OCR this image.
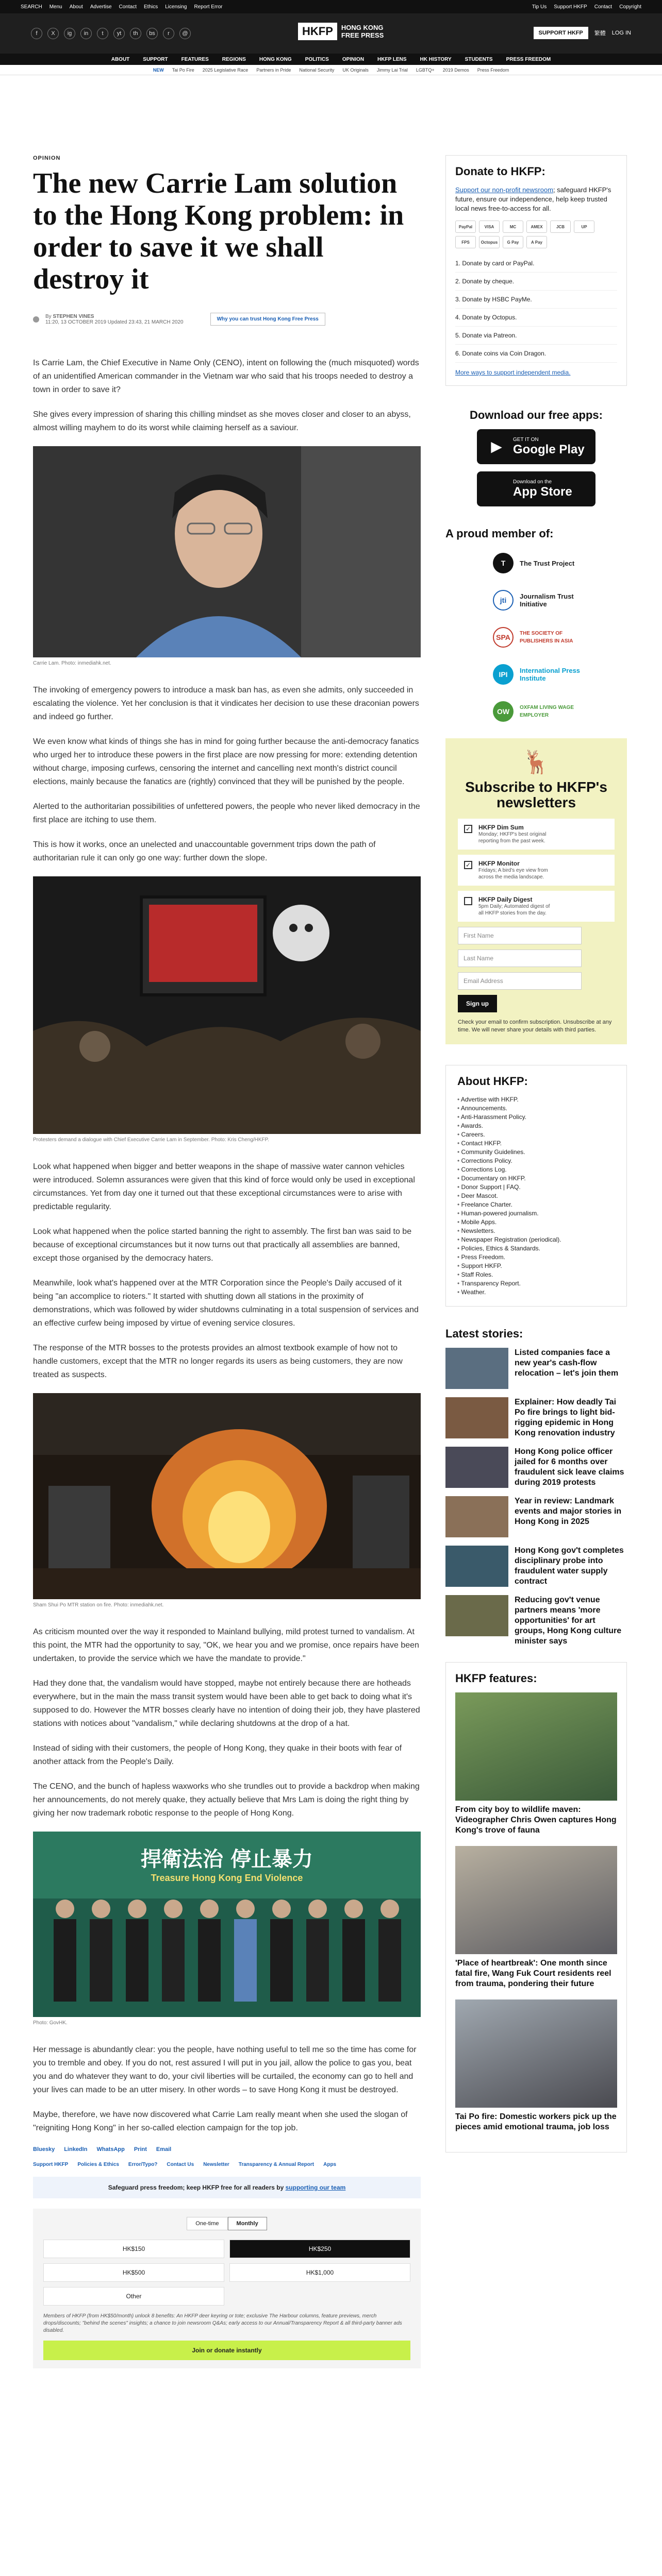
SEARCH Menu About Advertise Contact Ethics Licensing Report Error	Tip Us Support HKFP Contact Copyright
f	X	ig	in	t	yt	th	bs	r	@	HKFP	HONG KONG
FREE PRESS	SUPPORT HKFP	繁體 LOG IN
ABOUT	SUPPORT	FEATURES	REGIONS	HONG KONG	POLITICS	OPINION	HKFP LENS	HK HISTORY	STUDENTS	PRESS FREEDOM
NEW Tai Po Fire 2025 Legislative Race Partners in Pride National Security UK Originals Jimmy Lai Trial LGBTQ+ 2019 Demos Press Freedom
OPINION
The new Carrie Lam solution to the Hong Kong problem: in order to save it we shall destroy it
By STEPHEN VINES
11:20, 13 OCTOBER 2019 Updated 23:43, 21 MARCH 2020	Why you can trust Hong Kong Free Press

Is Carrie Lam, the Chief Executive in Name Only (CENO), intent on following the (much misquoted) words of an unidentified American commander in the Vietnam war who said that his troops needed to destroy a town in order to save it?

She gives every impression of sharing this chilling mindset as she moves closer and closer to an abyss, almost willing mayhem to do its worst while claiming herself as a saviour.

Carrie Lam. Photo: inmediahk.net.

The invoking of emergency powers to introduce a mask ban has, as even she admits, only succeeded in escalating the violence. Yet her conclusion is that it vindicates her decision to use these draconian powers and indeed go further.

We even know what kinds of things she has in mind for going further because the anti-democracy fanatics who urged her to introduce these powers in the first place are now pressing for more: extending detention without charge, imposing curfews, censoring the internet and cancelling next month's district council elections, mainly because the fanatics are (rightly) convinced that they will be punished by the people.

Alerted to the authoritarian possibilities of unfettered powers, the people who never liked democracy in the first place are itching to use them.

This is how it works, once an unelected and unaccountable government trips down the path of authoritarian rule it can only go one way: further down the slope.

Protesters demand a dialogue with Chief Executive Carrie Lam in September. Photo: Kris Cheng/HKFP.

Look what happened when bigger and better weapons in the shape of massive water cannon vehicles were introduced. Solemn assurances were given that this kind of force would only be used in exceptional circumstances. Yet from day one it turned out that these exceptional circumstances were to arise with predictable regularity.

Look what happened when the police started banning the right to assembly. The first ban was said to be because of exceptional circumstances but it now turns out that practically all assemblies are banned, except those organised by the democracy haters.

Meanwhile, look what's happened over at the MTR Corporation since the People's Daily accused of it being "an accomplice to rioters." It started with shutting down all stations in the proximity of demonstrations, which was followed by wider shutdowns culminating in a total suspension of services and an effective curfew being imposed by virtue of evening service closures.

The response of the MTR bosses to the protests provides an almost textbook example of how not to handle customers, except that the MTR no longer regards its users as being customers, they are now treated as suspects.

Sham Shui Po MTR station on fire. Photo: inmediahk.net.

As criticism mounted over the way it responded to Mainland bullying, mild protest turned to vandalism. At this point, the MTR had the opportunity to say, "OK, we hear you and we promise, once repairs have been undertaken, to provide the service which we have the mandate to provide."

Had they done that, the vandalism would have stopped, maybe not entirely because there are hotheads everywhere, but in the main the mass transit system would have been able to get back to doing what it's supposed to do. However the MTR bosses clearly have no intention of doing their job, they have plastered stations with notices about "vandalism," while declaring shutdowns at the drop of a hat.

Instead of siding with their customers, the people of Hong Kong, they quake in their boots with fear of another attack from the People's Daily.

The CENO, and the bunch of hapless waxworks who she trundles out to provide a backdrop when making her announcements, do not merely quake, they actually believe that Mrs Lam is doing the right thing by giving her now trademark robotic response to the people of Hong Kong.

捍衛法治 停止暴力
Treasure Hong Kong End Violence
Photo: GovHK.

Her message is abundantly clear: you the people, have nothing useful to tell me so the time has come for you to tremble and obey. If you do not, rest assured I will put in you jail, allow the police to gas you, beat you and do whatever they want to do, your civil liberties will be curtailed, the economy can go to hell and your lives can made to be an utter misery. In other words – to save Hong Kong it must be destroyed.

Maybe, therefore, we have now discovered what Carrie Lam really meant when she used the slogan of "reigniting Hong Kong" in her so-called election campaign for the top job.

Bluesky LinkedIn WhatsApp Print Email
Support HKFP Policies & Ethics Error/Typo? Contact Us Newsletter Transparency & Annual Report Apps
Safeguard press freedom; keep HKFP free for all readers by supporting our team
One-time	Monthly
HK$150	HK$250
HK$500	HK$1,000
Other
Members of HKFP (from HK$50/month) unlock 8 benefits: An HKFP deer keyring or tote; exclusive The Harbour columns, feature previews, merch drops/discounts; "behind the scenes" insights; a chance to join newsroom Q&As; early access to our Annual/Transparency Report & all third-party banner ads disabled.
Join or donate instantly
Donate to HKFP:

Support our non-profit newsroom; safeguard HKFP's future, ensure our independence, help keep trusted local news free-to-access for all.

PayPal	VISA	MC	AMEX	JCB	UP
FPS	Octopus	G Pay	A Pay
1. Donate by card or PayPal.
2. Donate by cheque.
3. Donate by HSBC PayMe.
4. Donate by Octopus.
5. Donate via Patreon.
6. Donate coins via Coin Dragon.
More ways to support independent media.
Download our free apps:
▶	GET IT ON
Google Play
Download on the
App Store
A proud member of:
T	The Trust Project
jti	Journalism Trust Initiative
SPA	THE SOCIETY OF PUBLISHERS IN ASIA
IPI	International Press Institute
OW	OXFAM LIVING WAGE EMPLOYER
🦌
Subscribe to HKFP's newsletters
✓ HKFP Dim Sum
Monday; HKFP's best original reporting from the past week.
✓ HKFP Monitor
Fridays; A bird's eye view from across the media landscape.
HKFP Daily Digest
5pm Daily; Automated digest of all HKFP stories from the day.
First Name
Last Name
Email Address
Sign up
Check your email to confirm subscription. Unsubscribe at any time. We will never share your details with third parties.
About HKFP:
• Advertise with HKFP.
• Announcements.
• Anti-Harassment Policy.
• Awards.
• Careers.
• Contact HKFP.
• Community Guidelines.
• Corrections Policy.
• Corrections Log.
• Documentary on HKFP.
• Donor Support | FAQ.
• Deer Mascot.
• Freelance Charter.
• Human-powered journalism.
• Mobile Apps.
• Newsletters.
• Newspaper Registration (periodical).
• Policies, Ethics & Standards.
• Press Freedom.
• Support HKFP.
• Staff Roles.
• Transparency Report.
• Weather.
Latest stories:
Listed companies face a new year's cash-flow relocation – let's join them
Explainer: How deadly Tai Po fire brings to light bid-rigging epidemic in Hong Kong renovation industry
Hong Kong police officer jailed for 6 months over fraudulent sick leave claims during 2019 protests
Year in review: Landmark events and major stories in Hong Kong in 2025
Hong Kong gov't completes disciplinary probe into fraudulent water supply contract
Reducing gov't venue partners means 'more opportunities' for art groups, Hong Kong culture minister says
HKFP features:
From city boy to wildlife maven: Videographer Chris Owen captures Hong Kong's trove of fauna
'Place of heartbreak': One month since fatal fire, Wang Fuk Court residents reel from trauma, pondering their future
Tai Po fire: Domestic workers pick up the pieces amid emotional trauma, job loss
